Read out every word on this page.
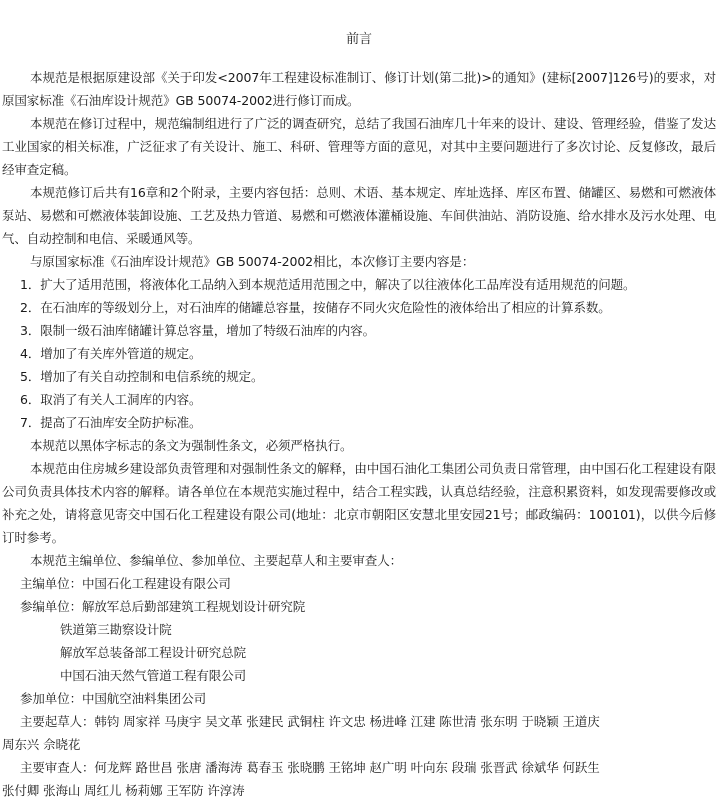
前言

本规范是根据原建设部《关于印发<2007年工程建设标准制订、修订计划(第二批)>的通知》(建标[2007]126号)的要求，对原国家标准《石油库设计规范》GB 50074-2002进行修订而成。

本规范在修订过程中，规范编制组进行了广泛的调查研究，总结了我国石油库几十年来的设计、建设、管理经验，借鉴了发达工业国家的相关标准，广泛征求了有关设计、施工、科研、管理等方面的意见，对其中主要问题进行了多次讨论、反复修改，最后经审查定稿。

本规范修订后共有16章和2个附录，主要内容包括：总则、术语、基本规定、库址选择、库区布置、储罐区、易燃和可燃液体泵站、易燃和可燃液体装卸设施、工艺及热力管道、易燃和可燃液体灌桶设施、车间供油站、消防设施、给水排水及污水处理、电气、自动控制和电信、采暖通风等。

与原国家标准《石油库设计规范》GB 50074-2002相比，本次修订主要内容是：

1．扩大了适用范围，将液体化工品纳入到本规范适用范围之中，解决了以往液体化工品库没有适用规范的问题。
2．在石油库的等级划分上，对石油库的储罐总容量，按储存不同火灾危险性的液体给出了相应的计算系数。
3．限制一级石油库储罐计算总容量，增加了特级石油库的内容。
4．增加了有关库外管道的规定。
5．增加了有关自动控制和电信系统的规定。
6．取消了有关人工洞库的内容。
7．提高了石油库安全防护标准。

本规范以黑体字标志的条文为强制性条文，必须严格执行。

本规范由住房城乡建设部负责管理和对强制性条文的解释，由中国石油化工集团公司负责日常管理，由中国石化工程建设有限公司负责具体技术内容的解释。请各单位在本规范实施过程中，结合工程实践，认真总结经验，注意积累资料，如发现需要修改或补充之处，请将意见寄交中国石化工程建设有限公司(地址：北京市朝阳区安慧北里安园21号；邮政编码：100101)，以供今后修订时参考。

本规范主编单位、参编单位、参加单位、主要起草人和主要审查人：

主编单位：中国石化工程建设有限公司
参编单位：解放军总后勤部建筑工程规划设计研究院
铁道第三勘察设计院
解放军总装备部工程设计研究总院
中国石油天然气管道工程有限公司
参加单位：中国航空油料集团公司
主要起草人：韩钧 周家祥 马庚宇 吴文革 张建民 武铜柱 许文忠 杨进峰 江建 陈世清 张东明 于晓颖 王道庆
周东兴 佘晓花
主要审查人：何龙辉 路世昌 张唐 潘海涛 葛春玉 张晓鹏 王铭坤 赵广明 叶向东 段瑞 张晋武 徐斌华 何跃生
张付卿 张海山 周红儿 杨莉娜 王军防 许淳涛
